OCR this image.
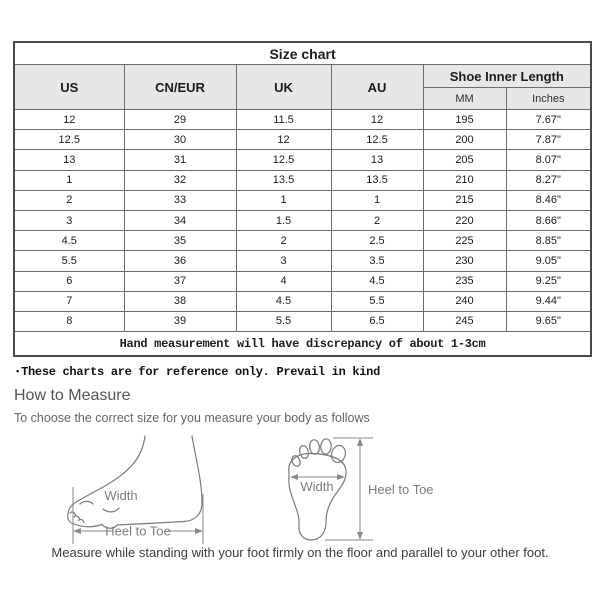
Size chart					
US	CN/EUR	UK	AU	Shoe Inner Length	
				MM	Inches
12	29	11.5	12	195	7.67"
12.5	30	12	12.5	200	7.87"
13	31	12.5	13	205	8.07"
1	32	13.5	13.5	210	8.27"
2	33	1	1	215	8.46"
3	34	1.5	2	220	8.66"
4.5	35	2	2.5	225	8.85"
5.5	36	3	3.5	230	9.05"
6	37	4	4.5	235	9.25"
7	38	4.5	5.5	240	9.44"
8	39	5.5	6.5	245	9.65"
Hand measurement will have discrepancy of about 1-3cm					
▪These charts are for reference only. Prevail in kind
How to Measure
To choose the correct size for you measure your body as follows
Width
Heel to Toe
Width	Heel to Toe
Measure while standing with your foot firmly on the floor and parallel to your other foot.
